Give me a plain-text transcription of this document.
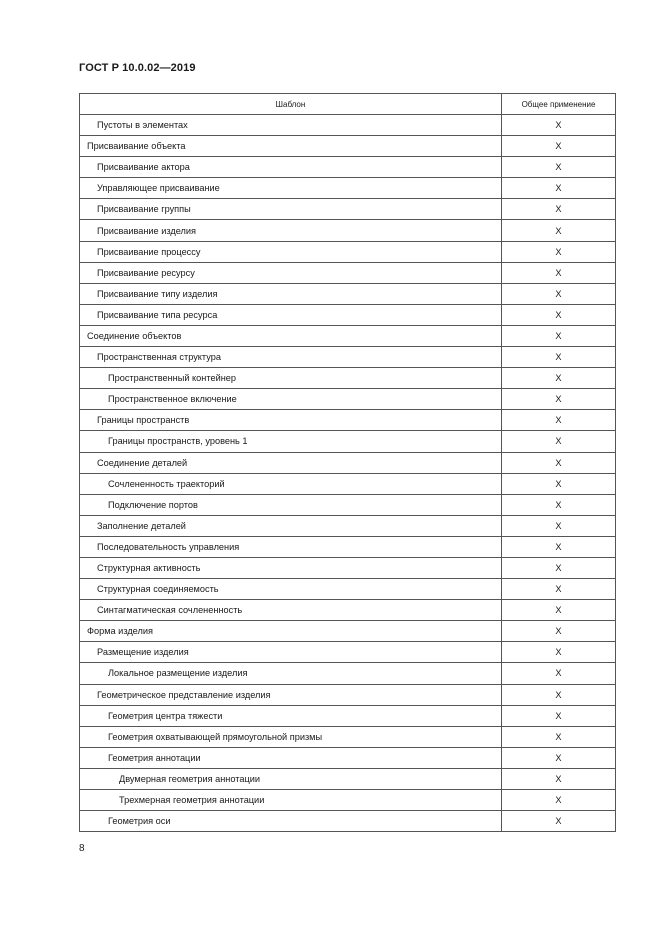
ГОСТ Р 10.0.02—2019
Шаблон	Общее применение
Пустоты в элементах	X
Присваивание объекта	X
Присваивание актора	X
Управляющее присваивание	X
Присваивание группы	X
Присваивание изделия	X
Присваивание процессу	X
Присваивание ресурсу	X
Присваивание типу изделия	X
Присваивание типа ресурса	X
Соединение объектов	X
Пространственная структура	X
Пространственный контейнер	X
Пространственное включение	X
Границы пространств	X
Границы пространств, уровень 1	X
Соединение деталей	X
Сочлененность траекторий	X
Подключение портов	X
Заполнение деталей	X
Последовательность управления	X
Структурная активность	X
Структурная соединяемость	X
Синтагматическая сочлененность	X
Форма изделия	X
Размещение изделия	X
Локальное размещение изделия	X
Геометрическое представление изделия	X
Геометрия центра тяжести	X
Геометрия охватывающей прямоугольной призмы	X
Геометрия аннотации	X
Двумерная геометрия аннотации	X
Трехмерная геометрия аннотации	X
Геометрия оси	X
8
